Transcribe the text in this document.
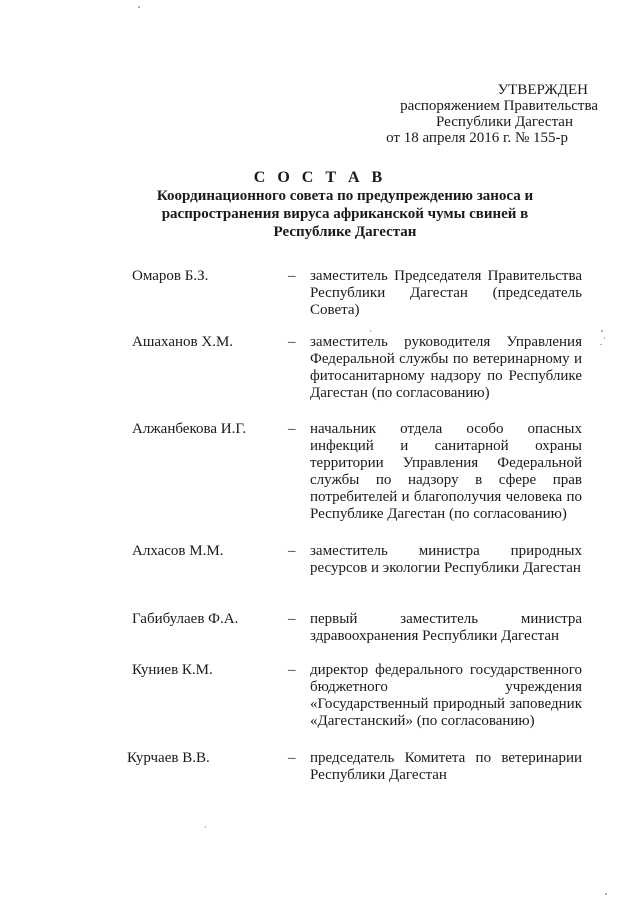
УТВЕРЖДЕН
распоряжением Правительства
Республики Дагестан
от 18 апреля 2016 г. № 155-р
С О С Т А В
Координационного совета по предупреждению заноса и распространения вируса африканской чумы свиней в Республике Дагестан
Омаров Б.З.	– заместитель Председателя Правительства Республики Дагестан (председатель Совета)
Ашаханов Х.М.	– заместитель руководителя Управления Федеральной службы по ветеринарному и фитосанитарному надзору по Республике Дагестан (по согласованию)
Алжанбекова И.Г.	– начальник отдела особо опасных инфекций и санитарной охраны территории Управления Федеральной службы по надзору в сфере прав потребителей и благополучия человека по Республике Дагестан (по согласованию)
Алхасов М.М.	– заместитель министра природных ресурсов и экологии Республики Дагестан
Габибулаев Ф.А.	– первый заместитель министра здравоохранения Республики Дагестан
Куниев К.М.	– директор федерального государственного бюджетного учреждения «Государственный природный заповедник «Дагестанский» (по согласованию)
Курчаев В.В.	– председатель Комитета по ветеринарии Республики Дагестан
